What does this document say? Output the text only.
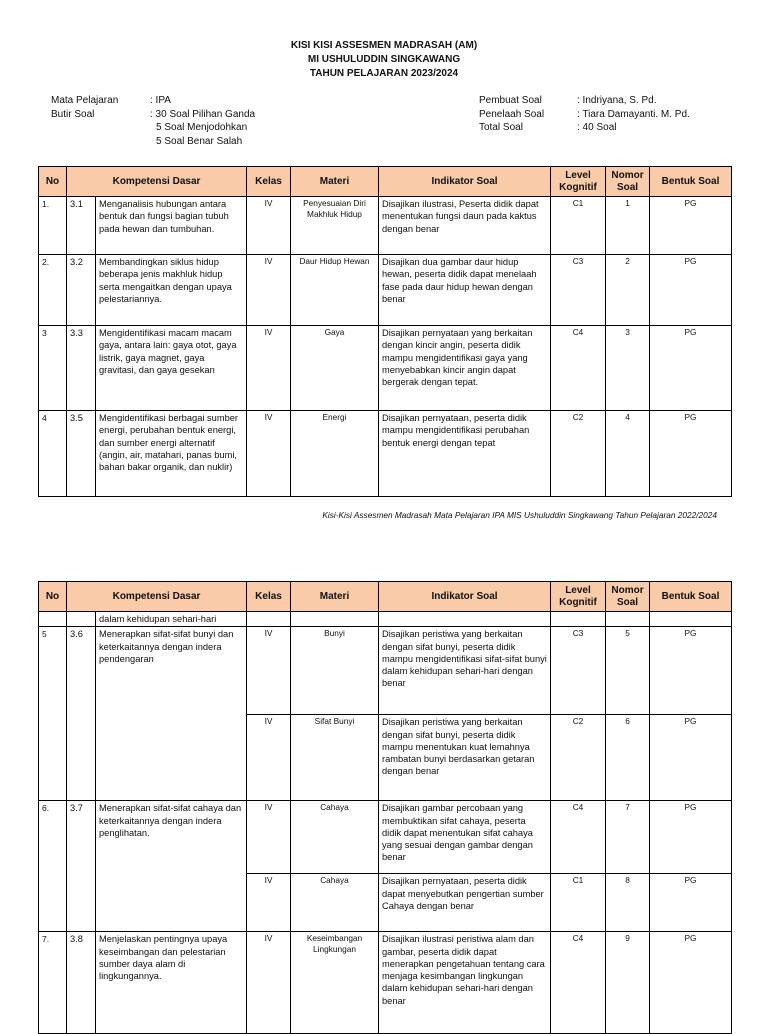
KISI KISI ASSESMEN MADRASAH (AM)
MI USHULUDDIN SINGKAWANG
TAHUN PELAJARAN 2023/2024
Mata Pelajaran	: IPA
Butir Soal	: 30 Soal Pilihan Ganda
5 Soal Menjodohkan
5 Soal Benar Salah
Pembuat Soal	: Indriyana, S. Pd.
Penelaah Soal	: Tiara Damayanti. M. Pd.
Total Soal	: 40 Soal
No	Kompetensi Dasar		Kelas	Materi	Indikator Soal	Level Kognitif	Nomor Soal	Bentuk Soal
1.	3.1	Menganalisis hubungan antara bentuk dan fungsi bagian tubuh pada hewan dan tumbuhan.	IV	Penyesuaian Diri Makhluk Hidup	Disajikan ilustrasi, Peserta didik dapat menentukan fungsi daun pada kaktus dengan benar	C1	1	PG
2.	3.2	Membandingkan siklus hidup beberapa jenis makhluk hidup serta mengaitkan dengan upaya pelestariannya.	IV	Daur Hidup Hewan	Disajikan dua gambar daur hidup hewan, peserta didik dapat menelaah fase pada daur hidup hewan dengan benar	C3	2	PG
3	3.3	Mengidentifikasi macam macam gaya, antara lain: gaya otot, gaya listrik, gaya magnet, gaya gravitasi, dan gaya gesekan	IV	Gaya	Disajikan pernyataan yang berkaitan dengan kincir angin, peserta didik mampu mengidentifikasi gaya yang menyebabkan kincir angin dapat bergerak dengan tepat.	C4	3	PG
4	3.5	Mengidentifikasi berbagai sumber energi, perubahan bentuk energi, dan sumber energi alternatif (angin, air, matahari, panas bumi, bahan bakar organik, dan nuklir)	IV	Energi	Disajikan pernyataan, peserta didik mampu mengidentifikasi perubahan bentuk energi dengan tepat	C2	4	PG
Kisi-Kisi Assesmen Madrasah Mata Pelajaran IPA MIS Ushuluddin Singkawang Tahun Pelajaran 2022/2024
No	Kompetensi Dasar		Kelas	Materi	Indikator Soal	Level Kognitif	Nomor Soal	Bentuk Soal
		dalam kehidupan sehari-hari						
5	3.6	Menerapkan sifat-sifat bunyi dan keterkaitannya dengan indera pendengaran	IV	Bunyi	Disajikan peristiwa yang berkaitan dengan sifat bunyi, peserta didik mampu mengidentifikasi sifat-sifat bunyi dalam kehidupan sehari-hari dengan benar	C3	5	PG
			IV	Sifat Bunyi	Disajikan peristiwa yang berkaitan dengan sifat bunyi, peserta didik mampu menentukan kuat lemahnya rambatan bunyi berdasarkan getaran dengan benar	C2	6	PG
6.	3.7	Menerapkan sifat-sifat cahaya dan keterkaitannya dengan indera penglihatan.	IV	Cahaya	Disajikan gambar percobaan yang membuktikan sifat cahaya, peserta didik dapat menentukan sifat cahaya yang sesuai dengan gambar dengan benar	C4	7	PG
			IV	Cahaya	Disajikan pernyataan, peserta didik dapat menyebutkan pengertian sumber Cahaya dengan benar	C1	8	PG
7.	3.8	Menjelaskan pentingnya upaya keseimbangan dan pelestarian sumber daya alam di lingkungannya.	IV	Keseimbangan Lingkungan	Disajikan ilustrasi peristiwa alam dan gambar, peserta didik dapat menerapkan pengetahuan tentang cara menjaga kesimbangan lingkungan dalam kehidupan sehari-hari dengan benar	C4	9	PG
